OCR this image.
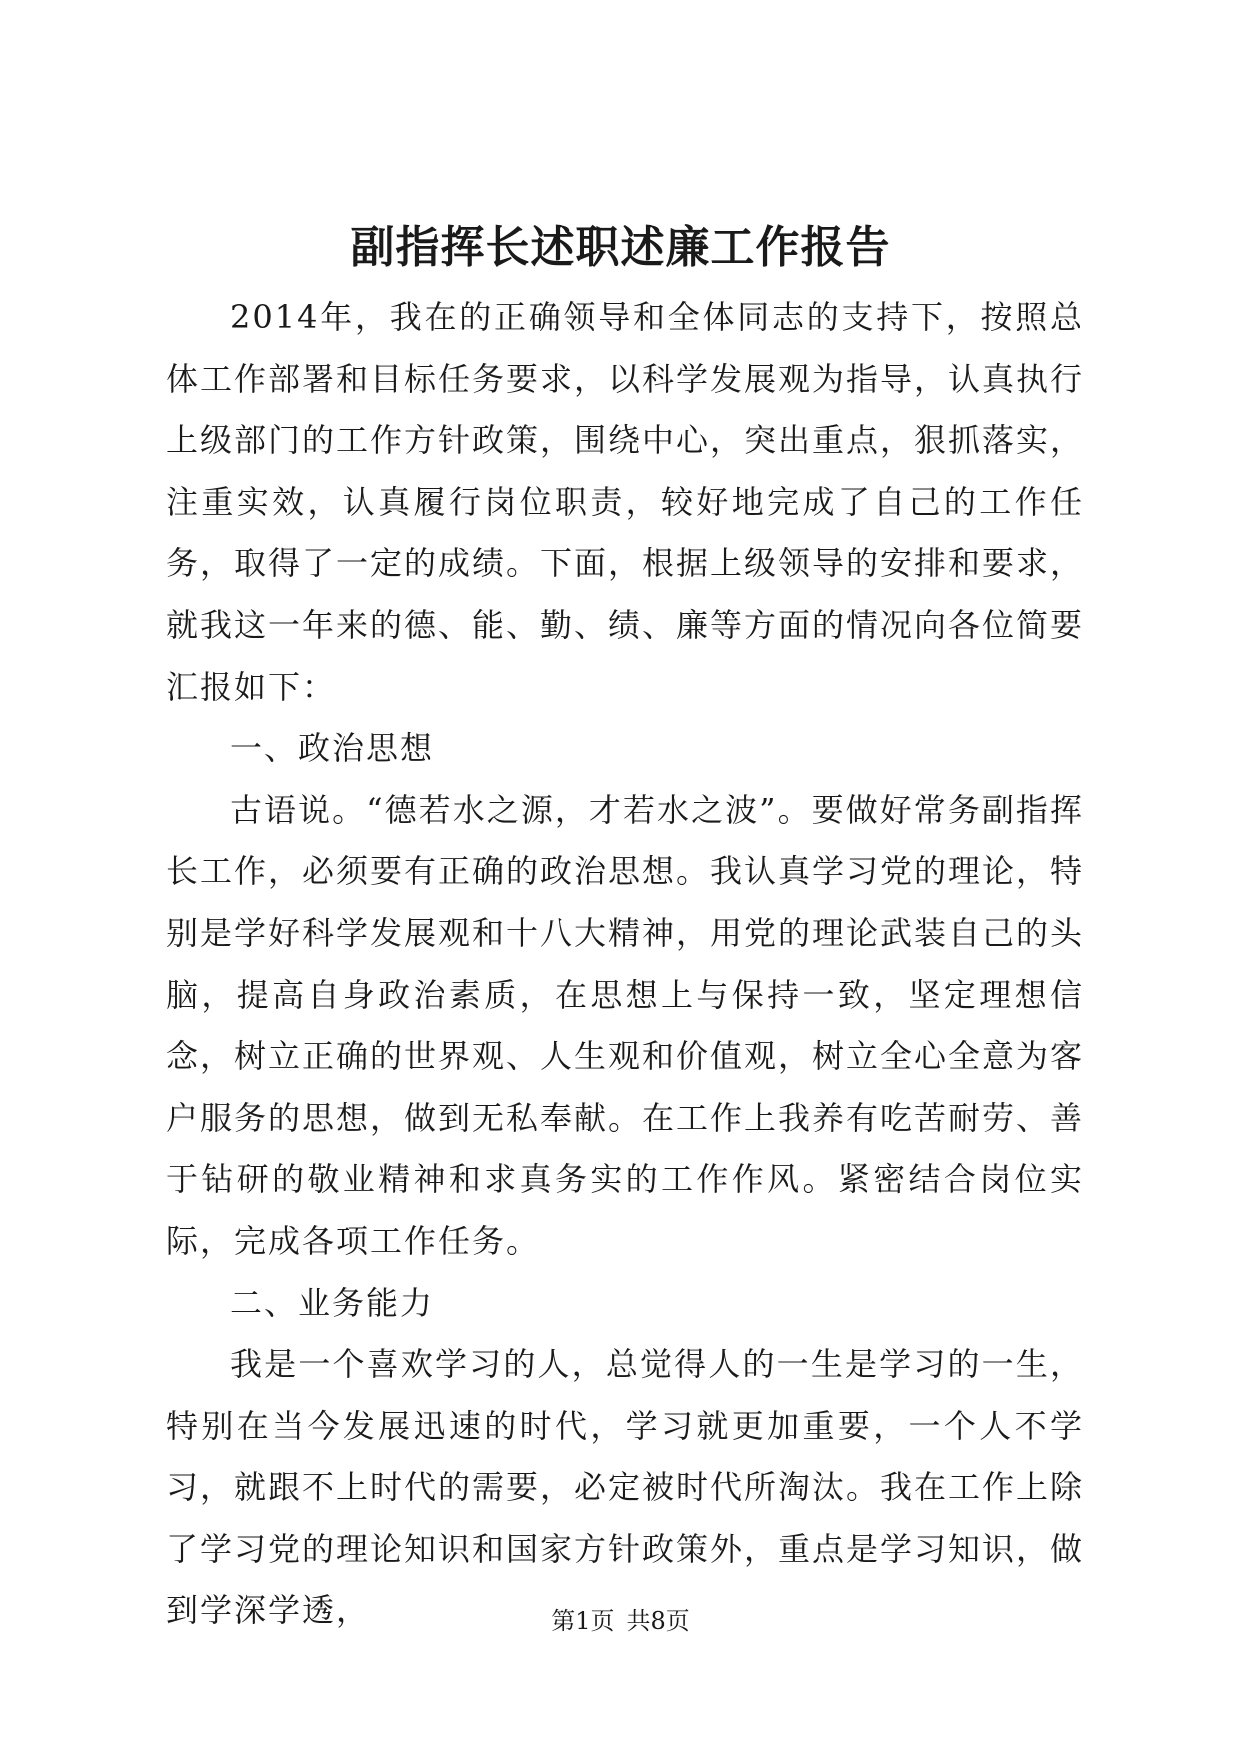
副指挥长述职述廉工作报告

2014年，我在的正确领导和全体同志的支持下，按照总体工作部署和目标任务要求，以科学发展观为指导，认真执行上级部门的工作方针政策，围绕中心，突出重点，狠抓落实，注重实效，认真履行岗位职责，较好地完成了自己的工作任务，取得了一定的成绩。下面，根据上级领导的安排和要求，就我这一年来的德、能、勤、绩、廉等方面的情况向各位简要汇报如下：

一、政治思想

古语说。“德若水之源，才若水之波”。要做好常务副指挥长工作，必须要有正确的政治思想。我认真学习党的理论，特别是学好科学发展观和十八大精神，用党的理论武装自己的头脑，提高自身政治素质，在思想上与保持一致，坚定理想信念，树立正确的世界观、人生观和价值观，树立全心全意为客户服务的思想，做到无私奉献。在工作上我养有吃苦耐劳、善于钻研的敬业精神和求真务实的工作作风。紧密结合岗位实际，完成各项工作任务。

二、业务能力

我是一个喜欢学习的人，总觉得人的一生是学习的一生，特别在当今发展迅速的时代，学习就更加重要，一个人不学习，就跟不上时代的需要，必定被时代所淘汰。我在工作上除了学习党的理论知识和国家方针政策外，重点是学习知识，做到学深学透，	第1页 共8页
